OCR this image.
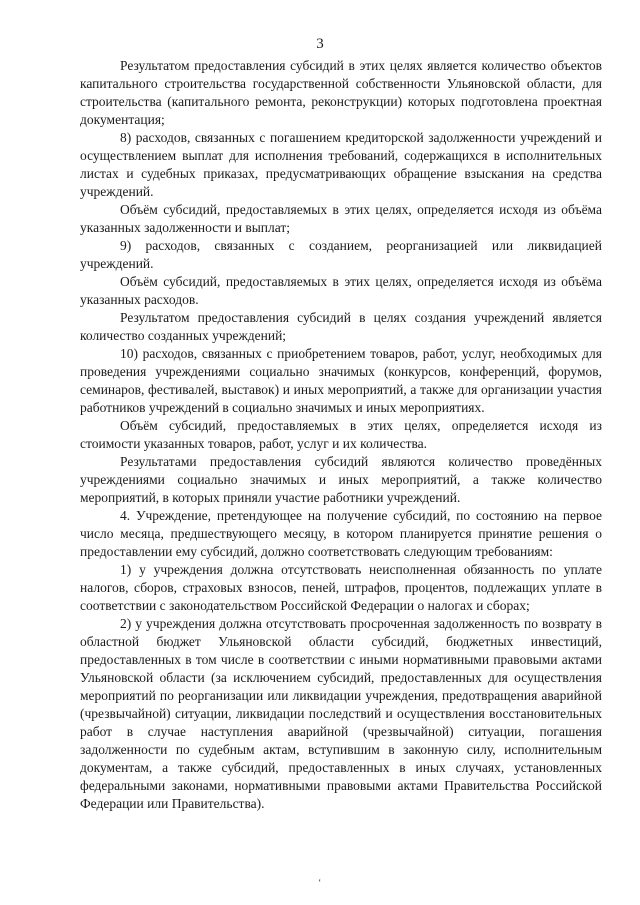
3

Результатом предоставления субсидий в этих целях является количество объектов капитального строительства государственной собственности Ульяновской области, для строительства (капитального ремонта, реконструкции) которых подготовлена проектная документация;

8) расходов, связанных с погашением кредиторской задолженности учреждений и осуществлением выплат для исполнения требований, содержащихся в исполнительных листах и судебных приказах, предусматривающих обращение взыскания на средства учреждений.

Объём субсидий, предоставляемых в этих целях, определяется исходя из объёма указанных задолженности и выплат;

9) расходов, связанных с созданием, реорганизацией или ликвидацией учреждений.

Объём субсидий, предоставляемых в этих целях, определяется исходя из объёма указанных расходов.

Результатом предоставления субсидий в целях создания учреждений является количество созданных учреждений;

10) расходов, связанных с приобретением товаров, работ, услуг, необходимых для проведения учреждениями социально значимых (конкурсов, конференций, форумов, семинаров, фестивалей, выставок) и иных мероприятий, а также для организации участия работников учреждений в социально значимых и иных мероприятиях.

Объём субсидий, предоставляемых в этих целях, определяется исходя из стоимости указанных товаров, работ, услуг и их количества.

Результатами предоставления субсидий являются количество проведённых учреждениями социально значимых и иных мероприятий, а также количество мероприятий, в которых приняли участие работники учреждений.

4. Учреждение, претендующее на получение субсидий, по состоянию на первое число месяца, предшествующего месяцу, в котором планируется принятие решения о предоставлении ему субсидий, должно соответствовать следующим требованиям:

1) у учреждения должна отсутствовать неисполненная обязанность по уплате налогов, сборов, страховых взносов, пеней, штрафов, процентов, подлежащих уплате в соответствии с законодательством Российской Федерации о налогах и сборах;

2) у учреждения должна отсутствовать просроченная задолженность по возврату в областной бюджет Ульяновской области субсидий, бюджетных инвестиций, предоставленных в том числе в соответствии с иными нормативными правовыми актами Ульяновской области (за исключением субсидий, предоставленных для осуществления мероприятий по реорганизации или ликвидации учреждения, предотвращения аварийной (чрезвычайной) ситуации, ликвидации последствий и осуществления восстановительных работ в случае наступления аварийной (чрезвычайной) ситуации, погашения задолженности по судебным актам, вступившим в законную силу, исполнительным документам, а также субсидий, предоставленных в иных случаях, установленных федеральными законами, нормативными правовыми актами Правительства Российской Федерации или Правительства).

‘
